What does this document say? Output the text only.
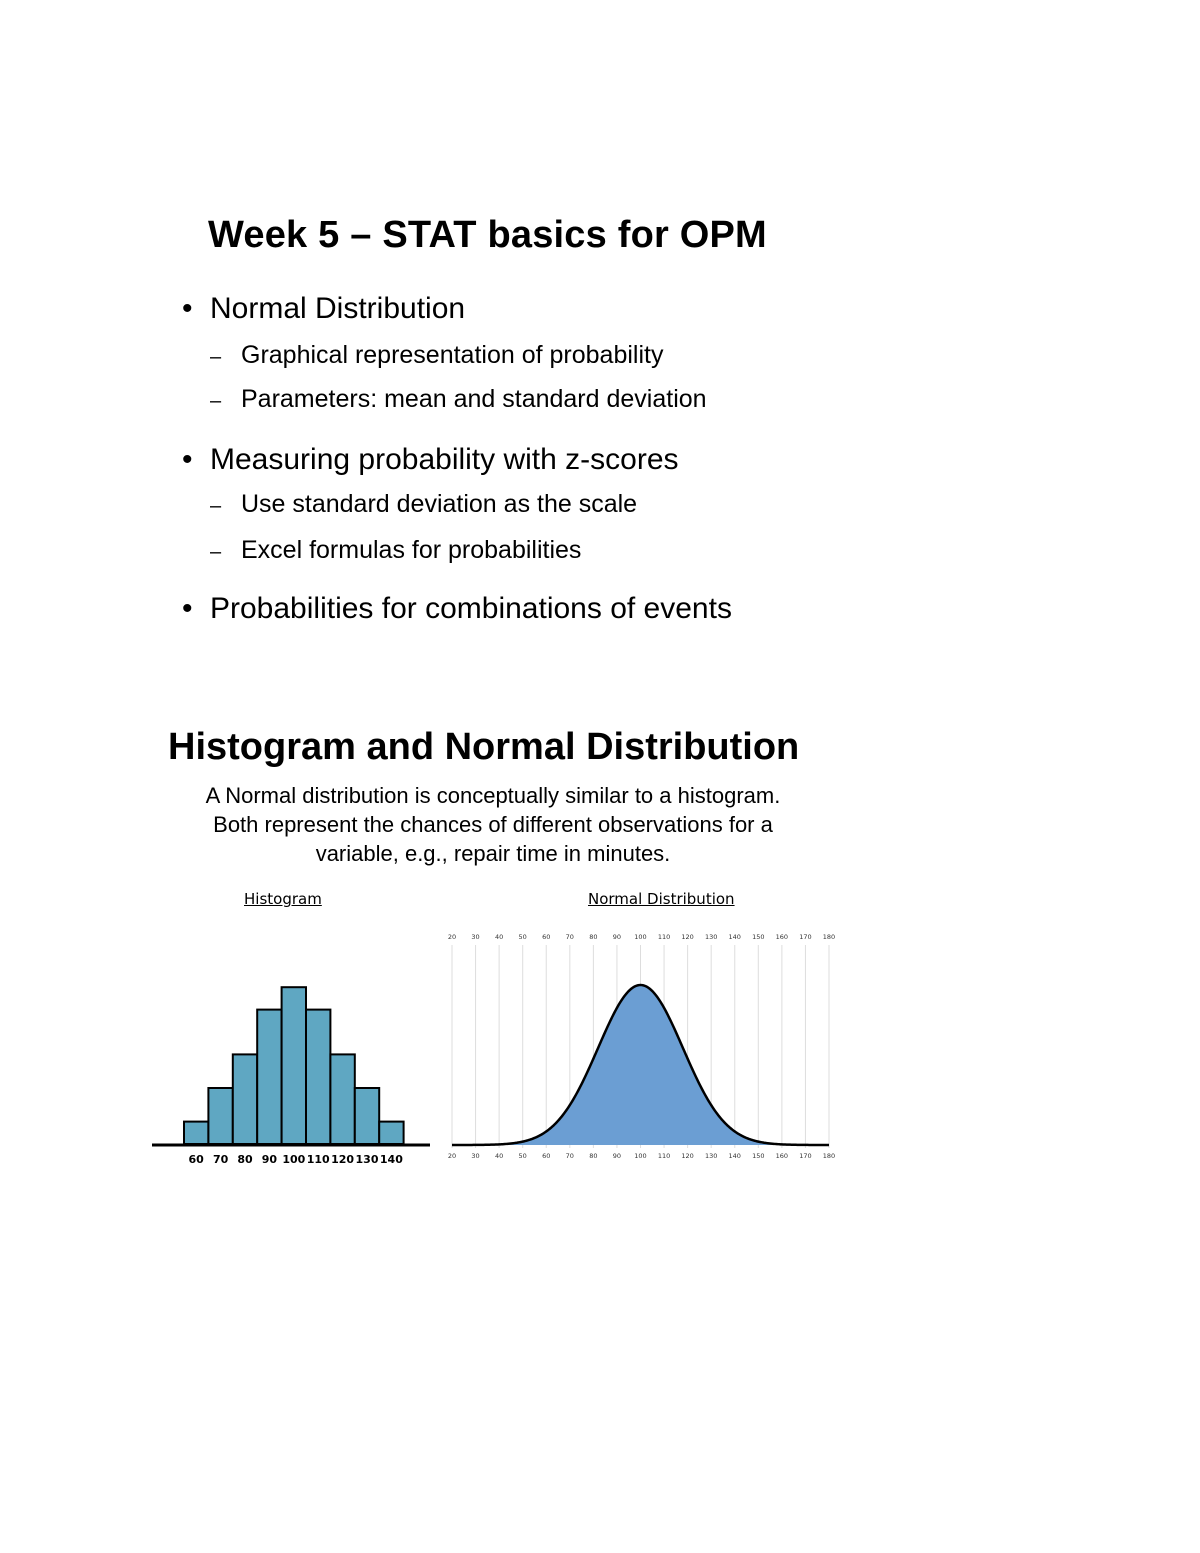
Week 5 – STAT basics for OPM
• Normal Distribution
– Graphical representation of probability
– Parameters: mean and standard deviation
• Measuring probability with z-scores
– Use standard deviation as the scale
– Excel formulas for probabilities
• Probabilities for combinations of events
Histogram and Normal Distribution
A Normal distribution is conceptually similar to a histogram.
Both represent the chances of different observations for a
variable, e.g., repair time in minutes.
Histogram	Normal Distribution
60 70 80 90 100 110 120 130 140
20
20
30
30
40
40
50
50
60
60
70
70
80
80
90
90
100
100
110
110
120
120
130
130
140
140
150
150
160
160
170
170
180
180
